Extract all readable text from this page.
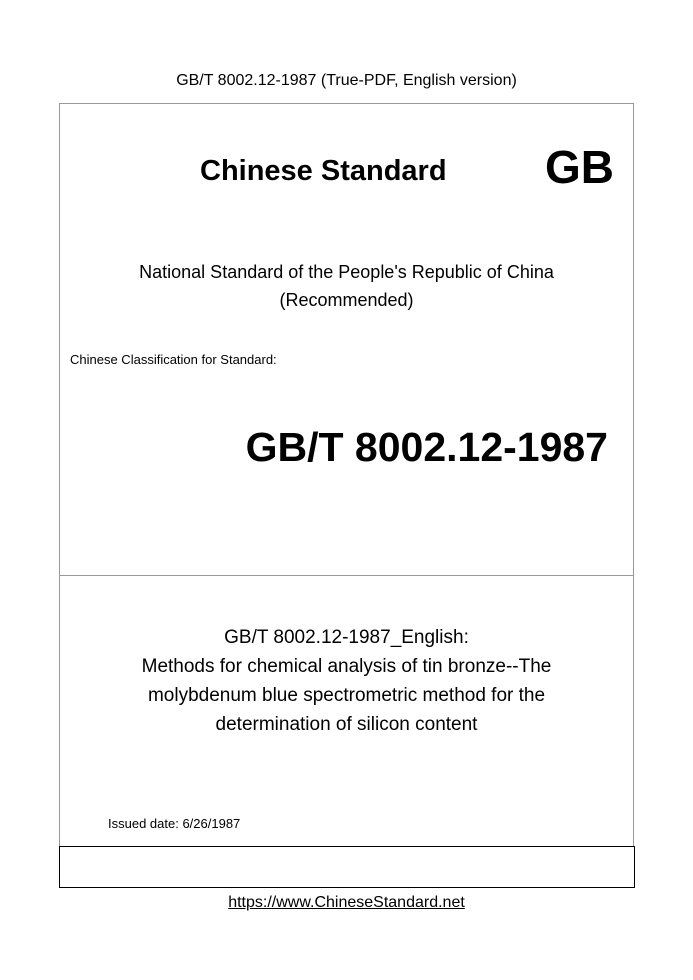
GB/T 8002.12-1987 (True-PDF, English version)
Chinese Standard GB
National Standard of the People's Republic of China
(Recommended)
Chinese Classification for Standard:
GB/T 8002.12-1987
GB/T 8002.12-1987_English:
Methods for chemical analysis of tin bronze--The
molybdenum blue spectrometric method for the
determination of silicon content
Issued date: 6/26/1987
https://www.ChineseStandard.net
